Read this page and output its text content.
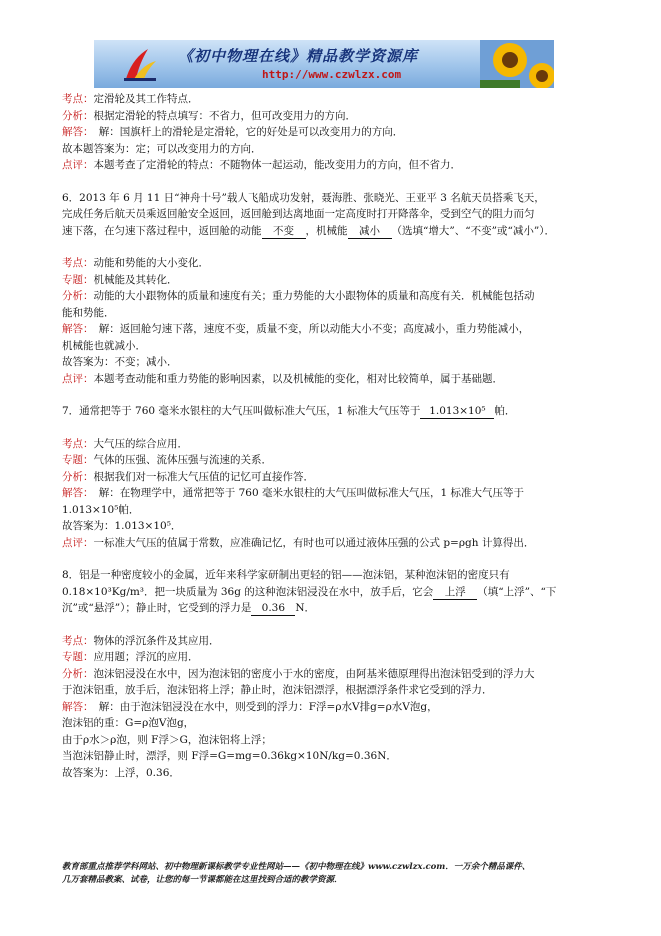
《初中物理在线》精品教学资源库
http://www.czwlzx.com
考点：定滑轮及其工作特点．
分析：根据定滑轮的特点填写：不省力，但可改变用力的方向．
解答：　解：国旗杆上的滑轮是定滑轮，它的好处是可以改变用力的方向．
故本题答案为：定；可以改变用力的方向．
点评：本题考查了定滑轮的特点：不随物体一起运动，能改变用力的方向，但不省力．
6．2013 年 6 月 11 日“神舟十号”载人飞船成功发射，聂海胜、张晓光、王亚平 3 名航天员搭乘飞天，
完成任务后航天员乘返回舱安全返回，返回舱到达离地面一定高度时打开降落伞，受到空气的阻力而匀
速下落，在匀速下落过程中，返回舱的动能 不变 ，机械能 减小 （选填“增大”、“不变”或“减小”）．
考点：动能和势能的大小变化．
专题：机械能及其转化．
分析：动能的大小跟物体的质量和速度有关；重力势能的大小跟物体的质量和高度有关．机械能包括动
能和势能．
解答：　解：返回舱匀速下落，速度不变，质量不变，所以动能大小不变；高度减小，重力势能减小，
机械能也就减小．
故答案为：不变；减小．
点评：本题考查动能和重力势能的影响因素，以及机械能的变化，相对比较简单，属于基础题．
7．通常把等于 760 毫米水银柱的大气压叫做标准大气压，1 标准大气压等于 1.013×10⁵ 帕．
考点：大气压的综合应用．
专题：气体的压强、流体压强与流速的关系．
分析：根据我们对一标准大气压值的记忆可直接作答．
解答：　解：在物理学中，通常把等于 760 毫米水银柱的大气压叫做标准大气压，1 标准大气压等于
1.013×10⁵帕．
故答案为：1.013×10⁵．
点评：一标准大气压的值属于常数，应准确记忆，有时也可以通过液体压强的公式 p=ρgh 计算得出．
8．铝是一种密度较小的金属，近年来科学家研制出更轻的铝——泡沫铝，某种泡沫铝的密度只有
0.18×10³Kg/m³．把一块质量为 36g 的这种泡沫铝浸没在水中，放手后，它会 上浮 （填“上浮”、“下
沉”或“悬浮”）；静止时，它受到的浮力是 0.36 N．
考点：物体的浮沉条件及其应用．
专题：应用题；浮沉的应用．
分析：泡沫铝浸没在水中，因为泡沫铝的密度小于水的密度，由阿基米德原理得出泡沫铝受到的浮力大
于泡沫铝重，放手后，泡沫铝将上浮；静止时，泡沫铝漂浮，根据漂浮条件求它受到的浮力．
解答：　解：由于泡沫铝浸没在水中，则受到的浮力：F浮=ρ水V排g=ρ水V泡g，
泡沫铝的重：G=ρ泡V泡g，
由于ρ水＞ρ泡，则 F浮＞G，泡沫铝将上浮；
当泡沫铝静止时，漂浮，则 F浮=G=mg=0.36kg×10N/kg=0.36N．
故答案为：上浮，0.36．
教育部重点推荐学科网站、初中物理新课标教学专业性网站——《初中物理在线》www.czwlzx.com．一万余个精品课件、
几万套精品教案、试卷，让您的每一节课都能在这里找到合适的教学资源．
